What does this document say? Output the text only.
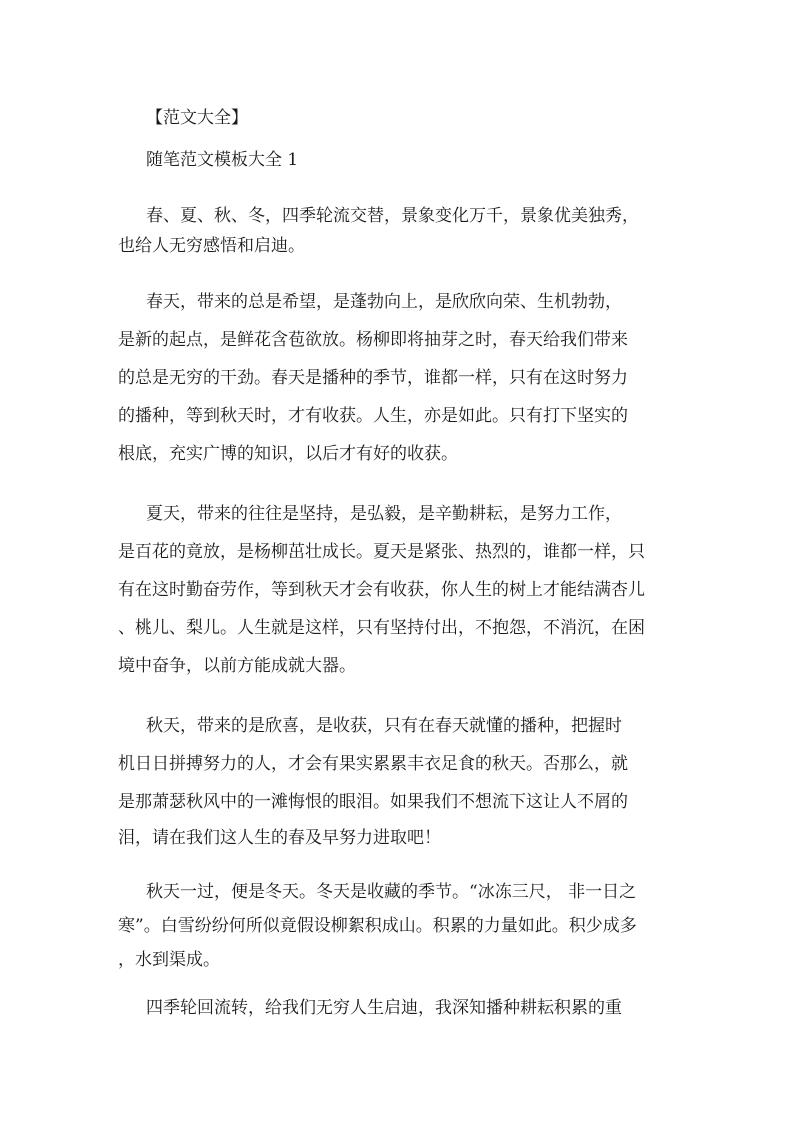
【范文大全】

随笔范文模板大全 1

春、夏、秋、冬，四季轮流交替，景象变化万千，景象优美独秀，

也给人无穷感悟和启迪。

春天，带来的总是希望，是蓬勃向上，是欣欣向荣、生机勃勃，

是新的起点，是鲜花含苞欲放。杨柳即将抽芽之时，春天给我们带来

的总是无穷的干劲。春天是播种的季节，谁都一样，只有在这时努力

的播种，等到秋天时，才有收获。人生，亦是如此。只有打下坚实的

根底，充实广博的知识，以后才有好的收获。

夏天，带来的往往是坚持，是弘毅，是辛勤耕耘，是努力工作，

是百花的竟放，是杨柳茁壮成长。夏天是紧张、热烈的，谁都一样，只

有在这时勤奋劳作，等到秋天才会有收获，你人生的树上才能结满杏儿

、桃儿、梨儿。人生就是这样，只有坚持付出，不抱怨，不消沉，在困

境中奋争，以前方能成就大器。

秋天，带来的是欣喜，是收获，只有在春天就懂的播种，把握时

机日日拼搏努力的人，才会有果实累累丰衣足食的秋天。否那么，就

是那萧瑟秋风中的一滩悔恨的眼泪。如果我们不想流下这让人不屑的

泪，请在我们这人生的春及早努力进取吧！

秋天一过，便是冬天。冬天是收藏的季节。“冰冻三尺， 非一日之

寒”。白雪纷纷何所似竟假设柳絮积成山。积累的力量如此。积少成多

，水到渠成。

四季轮回流转，给我们无穷人生启迪，我深知播种耕耘积累的重
